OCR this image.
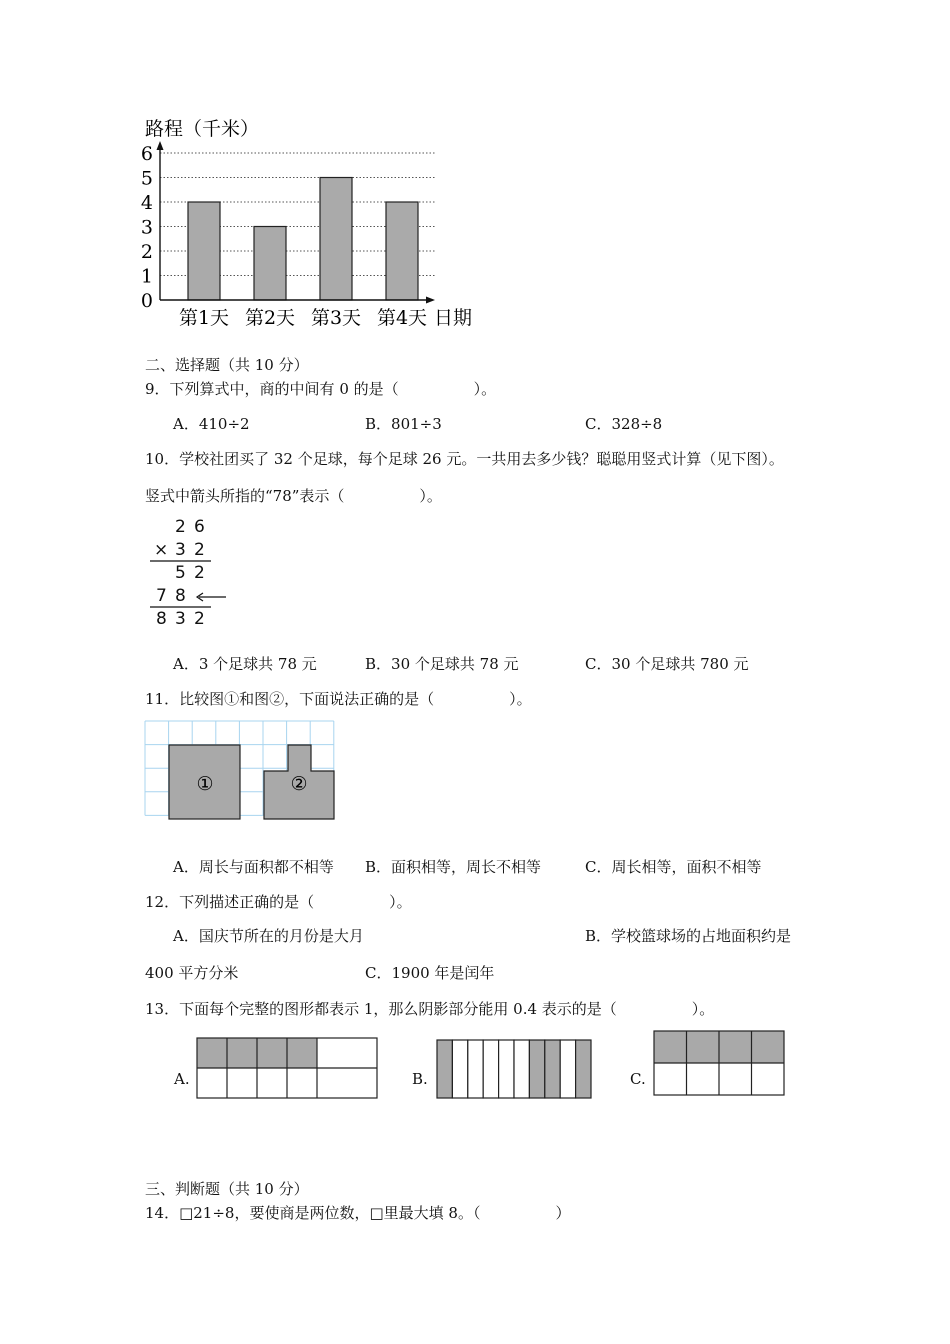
路程（千米）
0
1
2
3
4
5
6
第1天 第2天 第3天 第4天 日期
二、选择题（共 10 分）
9．下列算式中，商的中间有 0 的是（　　　　　）。
A．410÷2	B．801÷3	C．328÷8
10．学校社团买了 32 个足球，每个足球 26 元。一共用去多少钱？聪聪用竖式计算（见下图）。
竖式中箭头所指的“78”表示（　　　　　）。
2 6
× 3 2
5 2
7 8
8 3 2
A．3 个足球共 78 元	B．30 个足球共 78 元	C．30 个足球共 780 元
11．比较图①和图②，下面说法正确的是（　　　　　）。
①	②
A．周长与面积都不相等 B．面积相等，周长不相等	C．周长相等，面积不相等
12．下列描述正确的是（　　　　　）。
A．国庆节所在的月份是大月	B．学校篮球场的占地面积约是
400 平方分米	C．1900 年是闰年
13．下面每个完整的图形都表示 1，那么阴影部分能用 0.4 表示的是（　　　　　）。
A.	B.	C.
三、判断题（共 10 分）
14．□21÷8，要使商是两位数，□里最大填 8。（　　　　　）
